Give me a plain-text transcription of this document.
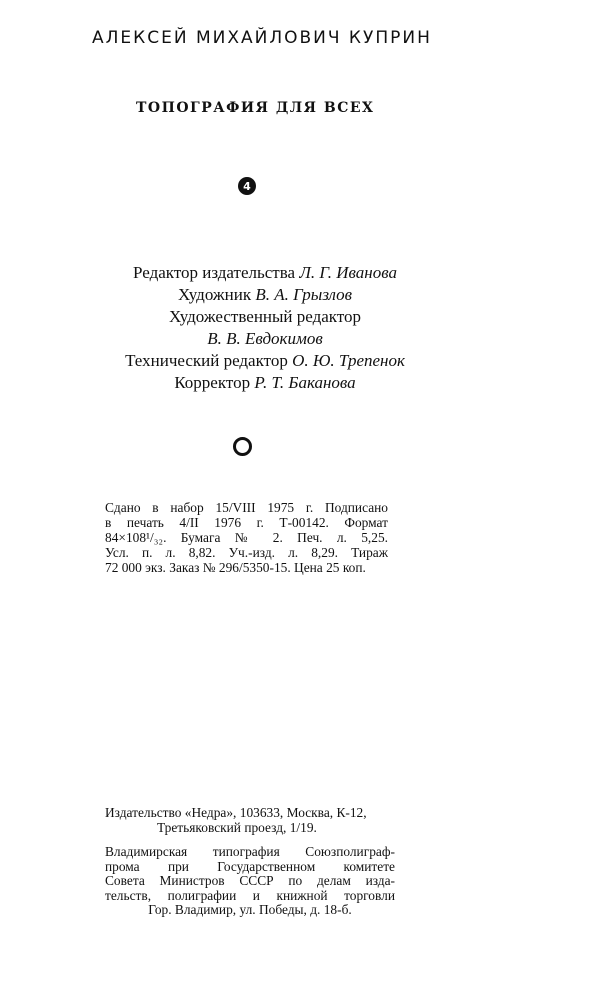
АЛЕКСЕЙ МИХАЙЛОВИЧ КУПРИН
ТОПОГРАФИЯ ДЛЯ ВСЕХ
4
Редактор издательства Л. Г. Иванова
Художник В. А. Грызлов
Художественный редактор
В. В. Евдокимов
Технический редактор О. Ю. Трепенок
Корректор Р. Т. Баканова
Сдано в набор 15/VIII 1975 г. Подписано
в печать 4/II 1976 г. Т-00142. Формат
84×108¹/₃₂. Бумага № 2. Печ. л. 5,25.
Усл. п. л. 8,82. Уч.-изд. л. 8,29. Тираж
72 000 экз. Заказ № 296/5350-15. Цена 25 коп.
Издательство «Недра», 103633, Москва, К-12,
Третьяковский проезд, 1/19.
Владимирская типография Союзполиграф-
прома при Государственном комитете
Совета Министров СССР по делам изда-
тельств, полиграфии и книжной торговли
Гор. Владимир, ул. Победы, д. 18-б.
